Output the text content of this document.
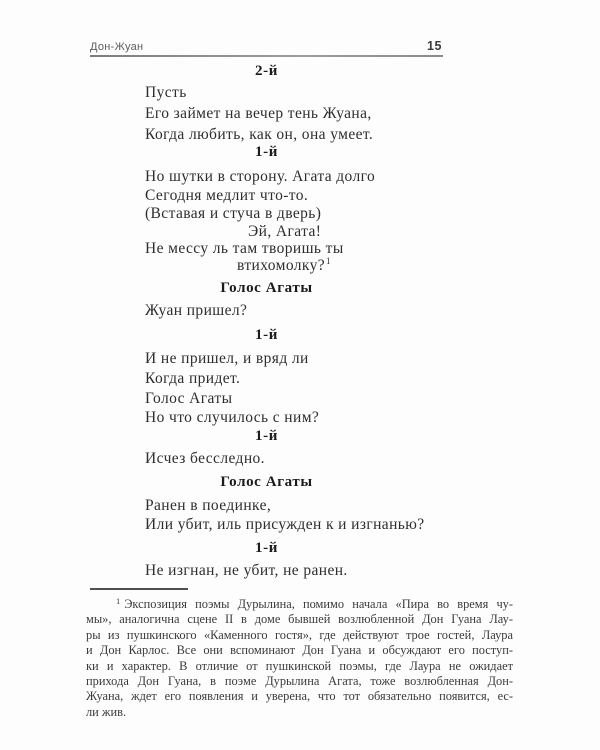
Дон-Жуан	15
2-й
Пусть
Его займет на вечер тень Жуана,
Когда любить, как он, она умеет.
1-й
Но шутки в сторону. Агата долго
Сегодня медлит что-то.
(Вставая и стуча в дверь)
Эй, Агата!
Не мессу ль там творишь ты
втихомолку?$^1$
Голос Агаты
Жуан пришел?
1-й
И не пришел, и вряд ли
Когда придет.
Голос Агаты
Но что случилось с ним?
1-й
Исчез бесследно.
Голос Агаты
Ранен в поединке,
Или убит, иль присужден к и изгнанью?
1-й
Не изгнан, не убит, не ранен.

$^1$ Экспозиция поэмы Дурылина, помимо начала «Пира во время чу-

мы», аналогична сцене II в доме бывшей возлюбленной Дон Гуана Лау-

ры из пушкинского «Каменного гостя», где действуют трое гостей, Лаура

и Дон Карлос. Все они вспоминают Дон Гуана и обсуждают его поступ-

ки и характер. В отличие от пушкинской поэмы, где Лаура не ожидает

прихода Дон Гуана, в поэме Дурылина Агата, тоже возлюбленная Дон-

Жуана, ждет его появления и уверена, что тот обязательно появится, ес-

ли жив.
